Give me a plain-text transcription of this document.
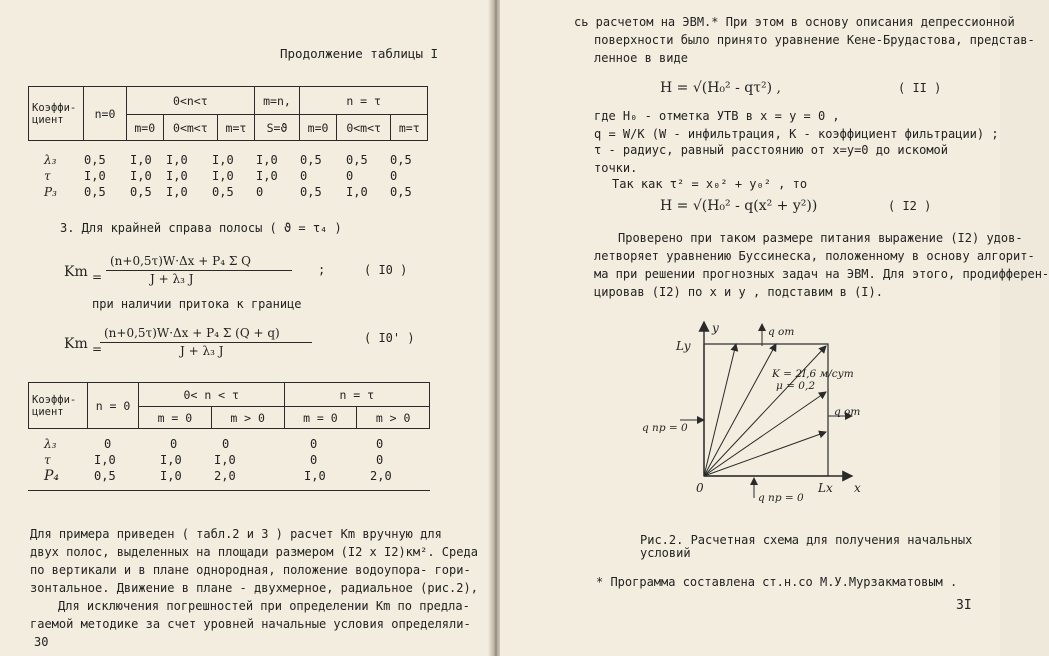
Продолжение таблицы I
Коэффи-
циент	n=0	0<n<τ			m=n,	n = τ		
		m=0	0<m<τ	m=τ	S=ϑ	m=0	0<m<τ	m=τ
λ₃ 0,5 I,0 I,0 I,0 I,0 0,5 0,5 0,5
τ	I,0 I,0 I,0 I,0 I,0 0	0	0
P₃ 0,5 0,5 I,0 0,5 0	0,5 I,0 0,5
3. Для крайней справа полосы ( ϑ = τ₄ )
Km =
(n+0,5τ)W·Δx + P₄ Σ Q
J + λ₃ J
;	( I0 )
при наличии притока к границе
Km =
(n+0,5τ)W·Δx + P₄ Σ (Q + q)
J + λ₃ J
( I0' )
Коэффи-
циент	n = 0	0< n < τ		n = τ	
		m = 0	m > 0	m = 0	m > 0
λ₃	0	0	0	0	0
τ	I,0	I,0	I,0	0	0
P₄	0,5	I,0	2,0	I,0	2,0
Для примера приведен ( табл.2 и 3 ) расчет Km вручную для
двух полос, выделенных на площади размером (I2 x I2)км². Среда
по вертикали и в плане однородная, положение водоупора- гори-
зонтальное. Движение в плане - двухмерное, радиальное (рис.2),
Для исключения погрешностей при определении Km по предла-
гаемой методике за счет уровней начальные условия определяли-
30
сь расчетом на ЭВМ.* При этом в основу описания депрессионной
поверхности было принято уравнение Кене-Брудастова, представ-
ленное в виде
H = √(H₀² - qτ²) ,	( II )
где H₀ - отметка УТВ в x = y = 0 ,
q = W/K (W - инфильтрация, K - коэффициент фильтрации) ;
τ - радиус, равный расстоянию от x=y=0 до искомой
точки.
Так как τ² = x₀² + y₀² , то
H = √(H₀² - q(x² + y²))	( I2 )
Проверено при таком размере питания выражение (I2) удов-
летворяет уравнению Буссинеска, положенному в основу алгорит-
ма при решении прогнозных задач на ЭВМ. Для этого, продифферен-
цировав (I2) по x и y , подставим в (I).
y
Ly
q от
K = 2I,6 м/сут
μ = 0,2
q от
q пр = 0
0
q пр = 0
Lx x
Рис.2. Расчетная схема для получения начальных
условий
* Программа составлена ст.н.со М.У.Мурзакматовым .
3I
